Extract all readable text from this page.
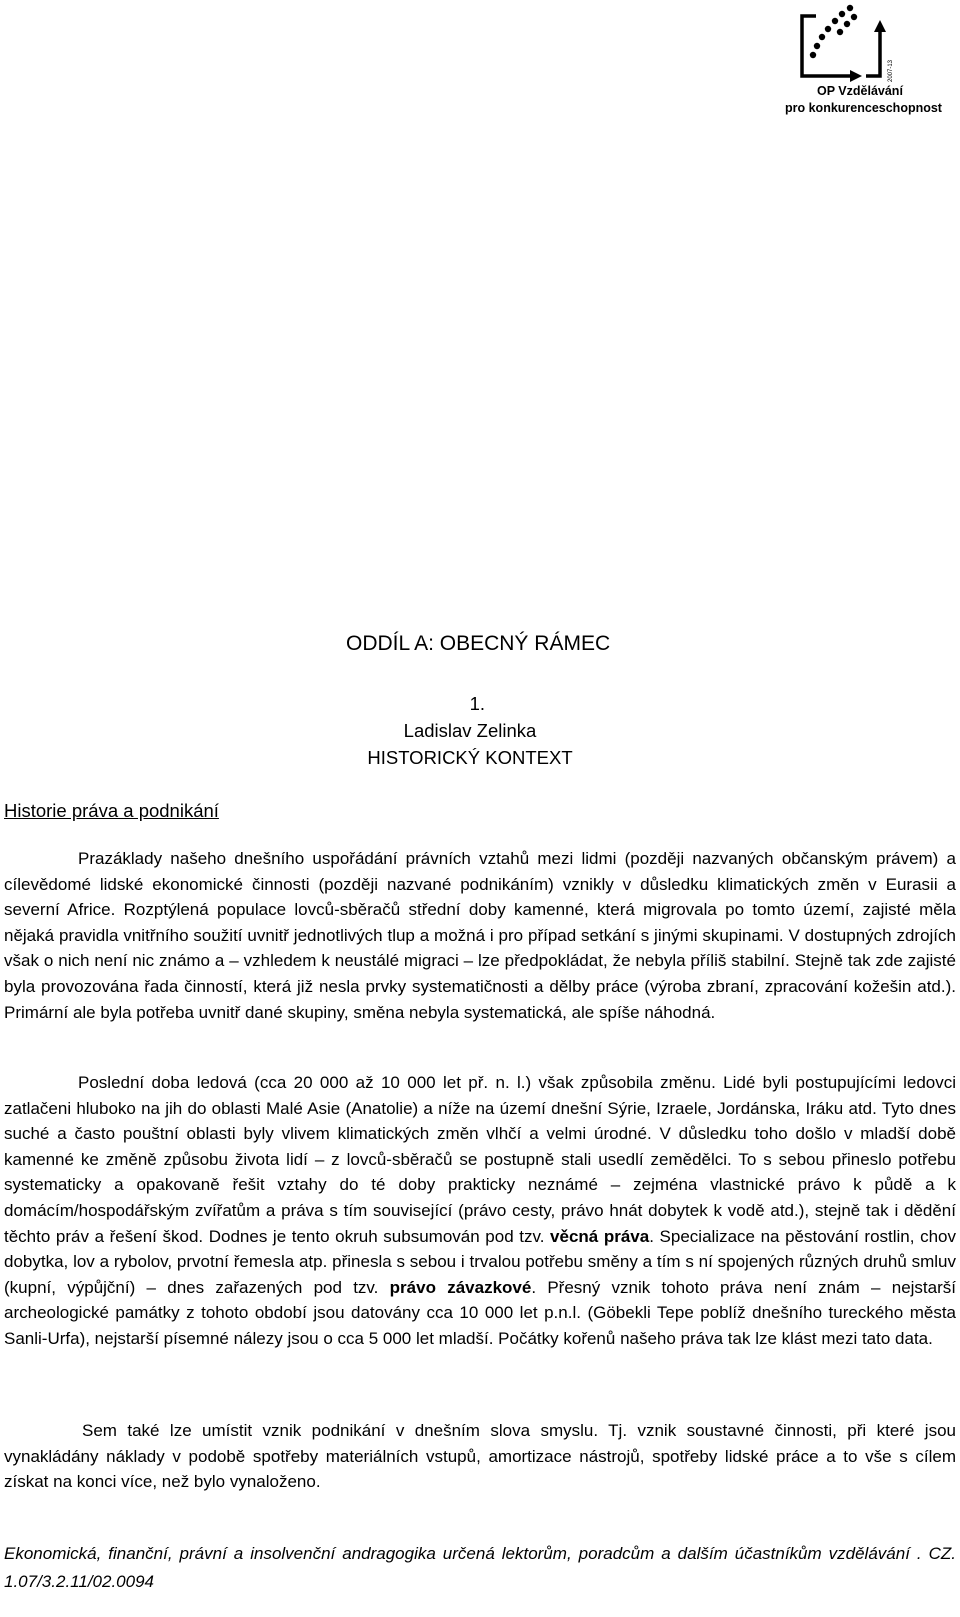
2007-13
OP Vzdělávání
pro konkurenceschopnost
ODDÍL A: OBECNÝ RÁMEC
1.
Ladislav Zelinka
HISTORICKÝ KONTEXT
Historie práva a podnikání

Prazáklady našeho dnešního uspořádání právních vztahů mezi lidmi (později nazvaných občanským právem) a cílevědomé lidské ekonomické činnosti (později nazvané podnikáním) vznikly v důsledku klimatických změn v Eurasii a severní Africe. Rozptýlená populace lovců-sběračů střední doby kamenné, která migrovala po tomto území, zajisté měla nějaká pravidla vnitřního soužití uvnitř jednotlivých tlup a možná i pro případ setkání s jinými skupinami. V dostupných zdrojích však o nich není nic známo a – vzhledem k neustálé migraci – lze předpokládat, že nebyla příliš stabilní. Stejně tak zde zajisté byla provozována řada činností, která již nesla prvky systematičnosti a dělby práce (výroba zbraní, zpracování kožešin atd.). Primární ale byla potřeba uvnitř dané skupiny, směna nebyla systematická, ale spíše náhodná.

Poslední doba ledová (cca 20 000 až 10 000 let př. n. l.) však způsobila změnu. Lidé byli postupujícími ledovci zatlačeni hluboko na jih do oblasti Malé Asie (Anatolie) a níže na území dnešní Sýrie, Izraele, Jordánska, Iráku atd. Tyto dnes suché a často pouštní oblasti byly vlivem klimatických změn vlhčí a velmi úrodné. V důsledku toho došlo v mladší době kamenné ke změně způsobu života lidí – z lovců-sběračů se postupně stali usedlí zemědělci. To s sebou přineslo potřebu systematicky a opakovaně řešit vztahy do té doby prakticky neznámé – zejména vlastnické právo k půdě a k domácím/hospodářským zvířatům a práva s tím související (právo cesty, právo hnát dobytek k vodě atd.), stejně tak i dědění těchto práv a řešení škod. Dodnes je tento okruh subsumován pod tzv. věcná práva. Specializace na pěstování rostlin, chov dobytka, lov a rybolov, prvotní řemesla atp. přinesla s sebou i trvalou potřebu směny a tím s ní spojených různých druhů smluv (kupní, výpůjční) – dnes zařazených pod tzv. právo závazkové. Přesný vznik tohoto práva není znám – nejstarší archeologické památky z tohoto období jsou datovány cca 10 000 let p.n.l. (Göbekli Tepe poblíž dnešního tureckého města Sanli-Urfa), nejstarší písemné nálezy jsou o cca 5 000 let mladší. Počátky kořenů našeho práva tak lze klást mezi tato data.

Sem také lze umístit vznik podnikání v dnešním slova smyslu. Tj. vznik soustavné činnosti, při které jsou vynakládány náklady v podobě spotřeby materiálních vstupů, amortizace nástrojů, spotřeby lidské práce a to vše s cílem získat na konci více, než bylo vynaloženo.

Ekonomická, finanční, právní a insolvenční andragogika určená lektorům, poradcům a dalším účastníkům vzdělávání . CZ. 1.07/3.2.11/02.0094
